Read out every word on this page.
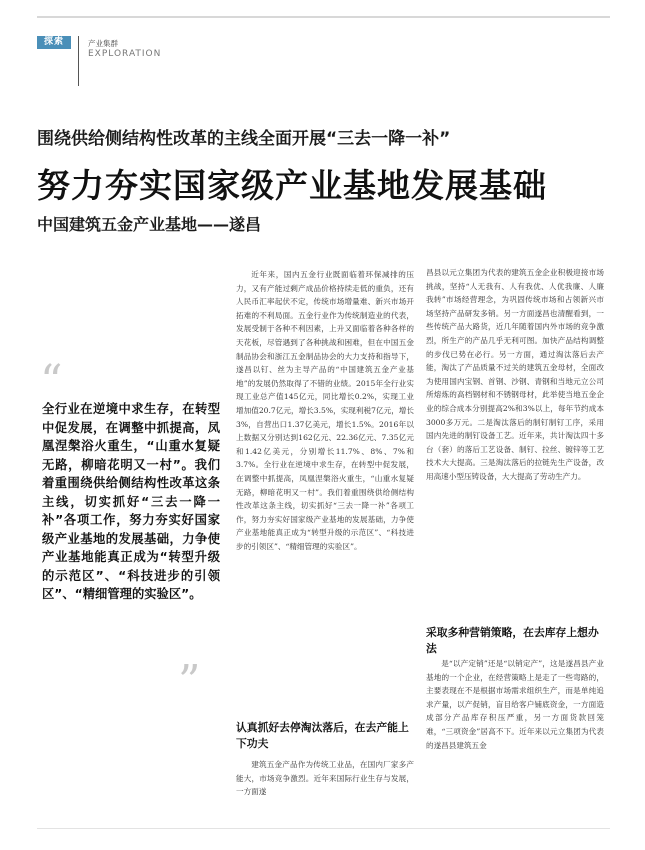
探索	产业集群
EXPLORATION
围绕供给侧结构性改革的主线全面开展“三去一降一补”
努力夯实国家级产业基地发展基础
中国建筑五金产业基地——遂昌
“
全行业在逆境中求生存，在转型中促发展，在调整中抓提高，凤凰涅槃浴火重生，“山重水复疑无路，柳暗花明又一村”。我们着重围绕供给侧结构性改革这条主线，切实抓好“三去一降一补”各项工作，努力夯实好国家级产业基地的发展基础，力争使产业基地能真正成为“转型升级的示范区”、“科技进步的引领区”、“精细管理的实验区”。
”

近年来，国内五金行业既面临着环保减排的压力，又有产能过剩产成品价格持续走低的重负，还有人民币汇率起伏不定，传统市场增量难、新兴市场开拓难的不利局面。五金行业作为传统制造业的代表，发展受制于各种不利因素，上升又面临着各种各样的天花板，尽管遇到了各种挑战和困难，但在中国五金制品协会和浙江五金制品协会的大力支持和指导下，遂昌以钉、丝为主导产品的“中国建筑五金产业基地”的发展仍然取得了不错的业绩。2015年全行业实现工业总产值145亿元，同比增长0.2%，实现工业增加值20.7亿元，增长3.5%，实现利税7亿元，增长3%，自营出口1.37亿美元，增长1.5%。2016年以上数据又分别达到162亿元、22.36亿元、7.35亿元和1.42亿美元，分别增长11.7%、8%、7%和3.7%。全行业在逆境中求生存，在转型中促发展，在调整中抓提高，凤凰涅槃浴火重生，“山重水复疑无路，柳暗花明又一村”。我们着重围绕供给侧结构性改革这条主线，切实抓好“三去一降一补”各项工作，努力夯实好国家级产业基地的发展基础，力争使产业基地能真正成为“转型升级的示范区”、“科技进步的引领区”、“精细管理的实验区”。

认真抓好去停淘汰落后，在去产能上下功夫

建筑五金产品作为传统工业品，在国内厂家多产能大，市场竞争激烈。近年来国际行业生存与发展，一方面遂

昌县以元立集团为代表的建筑五金企业积极迎接市场挑战，坚持“人无我有、人有我优、人优我廉、人廉我转”市场经营理念，为巩固传统市场和占领新兴市场坚持产品研发多销。另一方面遂昌也清醒看到，一些传统产品大路货，近几年随着国内外市场的竞争激烈，所生产的产品几乎无利可图。加快产品结构调整的步伐已势在必行。另一方面，通过淘汰落后去产能，淘汰了产品质量不过关的建筑五金母材，全面改为使用国内宝钢、首钢、沙钢、青钢和当地元立公司所熔炼的高档钢材和不锈钢母材，此举使当地五金企业的综合成本分别提高2%和3%以上，每年节约成本3000多万元。二是淘汰落后的制钉制钉工序，采用国内先进的制钉设备工艺。近年来，共计淘汰四十多台（套）的落后工艺设备、制钉、拉丝、镀锌等工艺技术大大提高。三是淘汰落后的拉链先生产设备，改用高速小型压铸设备，大大提高了劳动生产力。

采取多种营销策略，在去库存上想办法

是“以产定销”还是“以销定产”，这是遂昌县产业基地的一个企业，在经营策略上是走了一些弯路的，主要表现在不是根据市场需求组织生产，而是单纯追求产量，以产促销，盲目给客户铺底资金，一方面造成部分产品库存积压严重，另一方面货款回笼难，“三项资金”居高不下。近年来以元立集团为代表的遂昌县建筑五金
